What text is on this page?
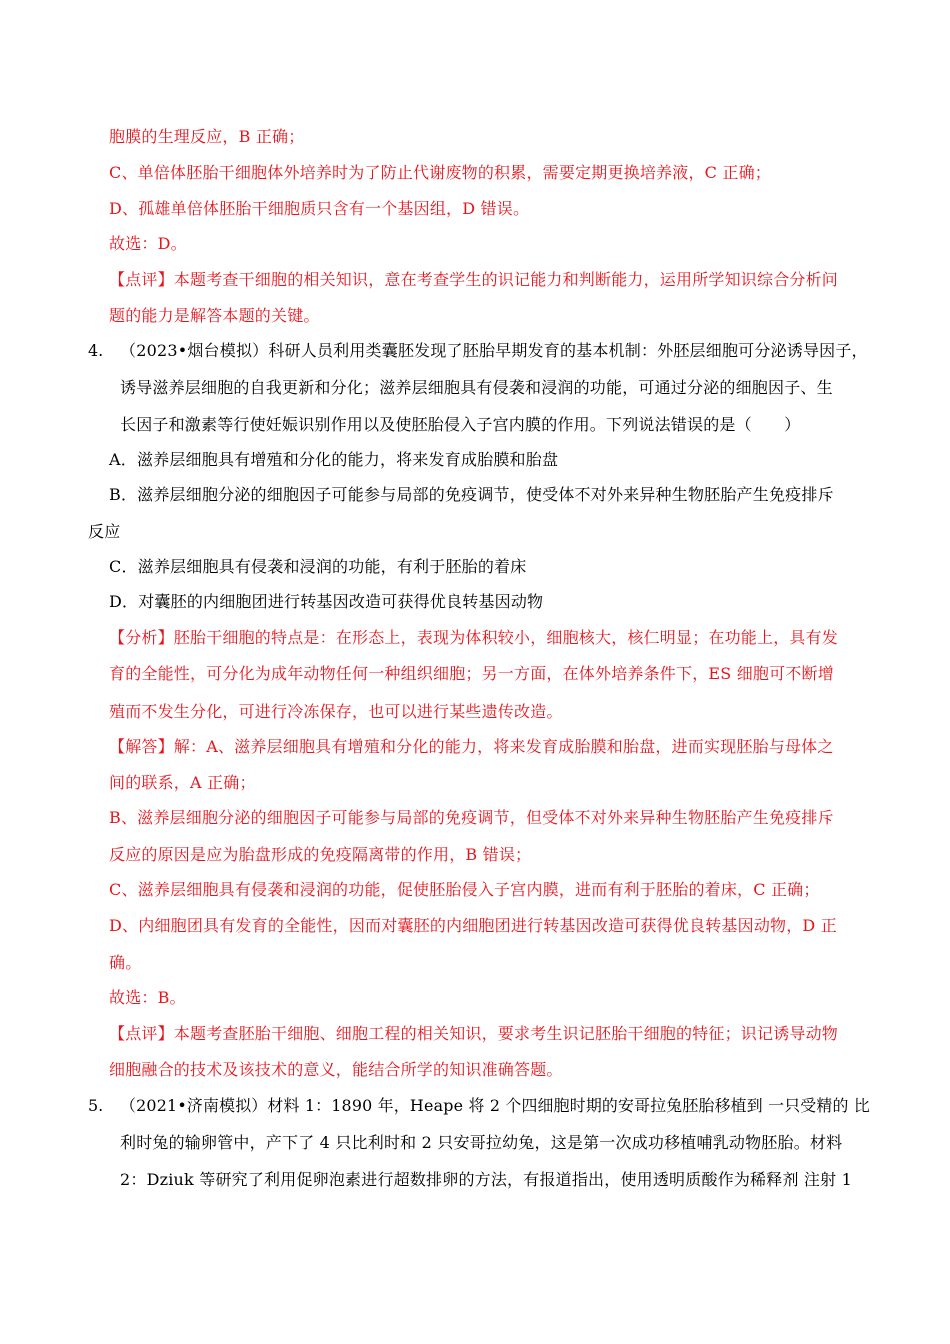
胞膜的生理反应，B 正确；
C、单倍体胚胎干细胞体外培养时为了防止代谢废物的积累，需要定期更换培养液，C 正确；
D、孤雄单倍体胚胎干细胞质只含有一个基因组，D 错误。
故选：D。
【点评】本题考查干细胞的相关知识，意在考查学生的识记能力和判断能力，运用所学知识综合分析问
题的能力是解答本题的关键。
4. （2023•烟台模拟）科研人员利用类囊胚发现了胚胎早期发育的基本机制：外胚层细胞可分泌诱导因子，
诱导滋养层细胞的自我更新和分化；滋养层细胞具有侵袭和浸润的功能，可通过分泌的细胞因子、生
长因子和激素等行使妊娠识别作用以及使胚胎侵入子宫内膜的作用。下列说法错误的是（　　）
A．滋养层细胞具有增殖和分化的能力，将来发育成胎膜和胎盘
B．滋养层细胞分泌的细胞因子可能参与局部的免疫调节，使受体不对外来异种生物胚胎产生免疫排斥
反应
C．滋养层细胞具有侵袭和浸润的功能，有利于胚胎的着床
D．对囊胚的内细胞团进行转基因改造可获得优良转基因动物
【分析】胚胎干细胞的特点是：在形态上，表现为体积较小，细胞核大，核仁明显；在功能上，具有发
育的全能性，可分化为成年动物任何一种组织细胞；另一方面，在体外培养条件下，ES 细胞可不断增
殖而不发生分化，可进行冷冻保存，也可以进行某些遗传改造。
【解答】解：A、滋养层细胞具有增殖和分化的能力，将来发育成胎膜和胎盘，进而实现胚胎与母体之
间的联系，A 正确；
B、滋养层细胞分泌的细胞因子可能参与局部的免疫调节，但受体不对外来异种生物胚胎产生免疫排斥
反应的原因是应为胎盘形成的免疫隔离带的作用，B 错误；
C、滋养层细胞具有侵袭和浸润的功能，促使胚胎侵入子宫内膜，进而有利于胚胎的着床，C 正确；
D、内细胞团具有发育的全能性，因而对囊胚的内细胞团进行转基因改造可获得优良转基因动物，D 正
确。
故选：B。
【点评】本题考查胚胎干细胞、细胞工程的相关知识，要求考生识记胚胎干细胞的特征；识记诱导动物
细胞融合的技术及该技术的意义，能结合所学的知识准确答题。
5. （2021•济南模拟）材料 1：1890 年，Heape 将 2 个四细胞时期的安哥拉兔胚胎移植到 一只受精的 比
利时兔的输卵管中，产下了 4 只比利时和 2 只安哥拉幼兔，这是第一次成功移植哺乳动物胚胎。材料
2：Dziuk 等研究了利用促卵泡素进行超数排卵的方法，有报道指出，使用透明质酸作为稀释剂 注射 1
